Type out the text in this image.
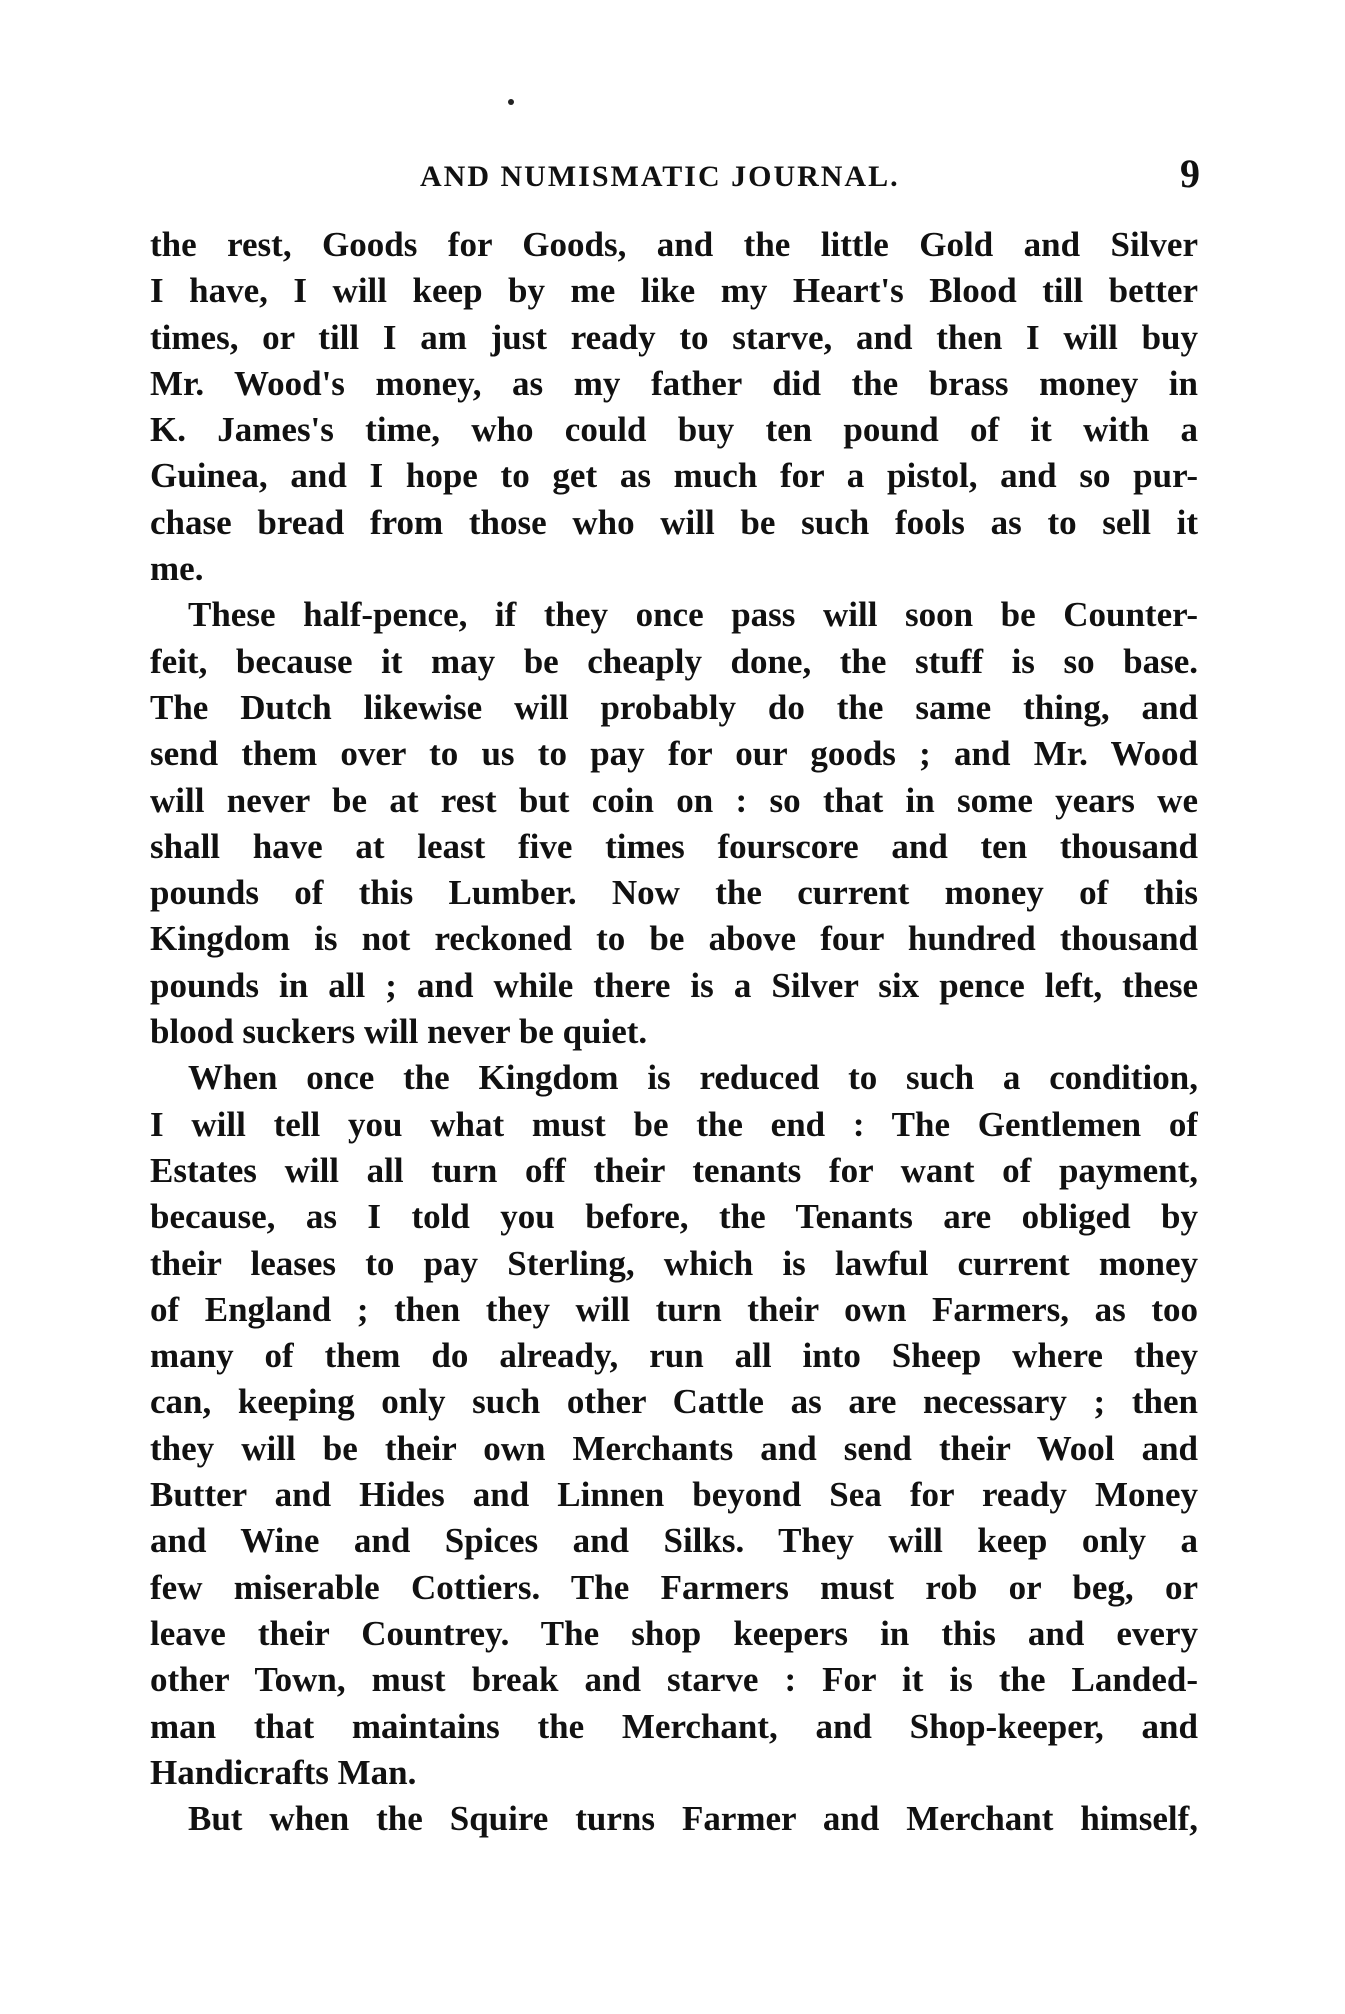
AND NUMISMATIC JOURNAL.	9
the rest, Goods for Goods, and the little Gold and Silver
I have, I will keep by me like my Heart's Blood till better
times, or till I am just ready to starve, and then I will buy
Mr. Wood's money, as my father did the brass money in
K. James's time, who could buy ten pound of it with a
Guinea, and I hope to get as much for a pistol, and so pur-
chase bread from those who will be such fools as to sell it
me.
These half-pence, if they once pass will soon be Counter-
feit, because it may be cheaply done, the stuff is so base.
The Dutch likewise will probably do the same thing, and
send them over to us to pay for our goods ; and Mr. Wood
will never be at rest but coin on : so that in some years we
shall have at least five times fourscore and ten thousand
pounds of this Lumber. Now the current money of this
Kingdom is not reckoned to be above four hundred thousand
pounds in all ; and while there is a Silver six pence left, these
blood suckers will never be quiet.
When once the Kingdom is reduced to such a condition,
I will tell you what must be the end : The Gentlemen of
Estates will all turn off their tenants for want of payment,
because, as I told you before, the Tenants are obliged by
their leases to pay Sterling, which is lawful current money
of England ; then they will turn their own Farmers, as too
many of them do already, run all into Sheep where they
can, keeping only such other Cattle as are necessary ; then
they will be their own Merchants and send their Wool and
Butter and Hides and Linnen beyond Sea for ready Money
and Wine and Spices and Silks. They will keep only a
few miserable Cottiers. The Farmers must rob or beg, or
leave their Countrey. The shop keepers in this and every
other Town, must break and starve : For it is the Landed-
man that maintains the Merchant, and Shop-keeper, and
Handicrafts Man.
But when the Squire turns Farmer and Merchant himself,
